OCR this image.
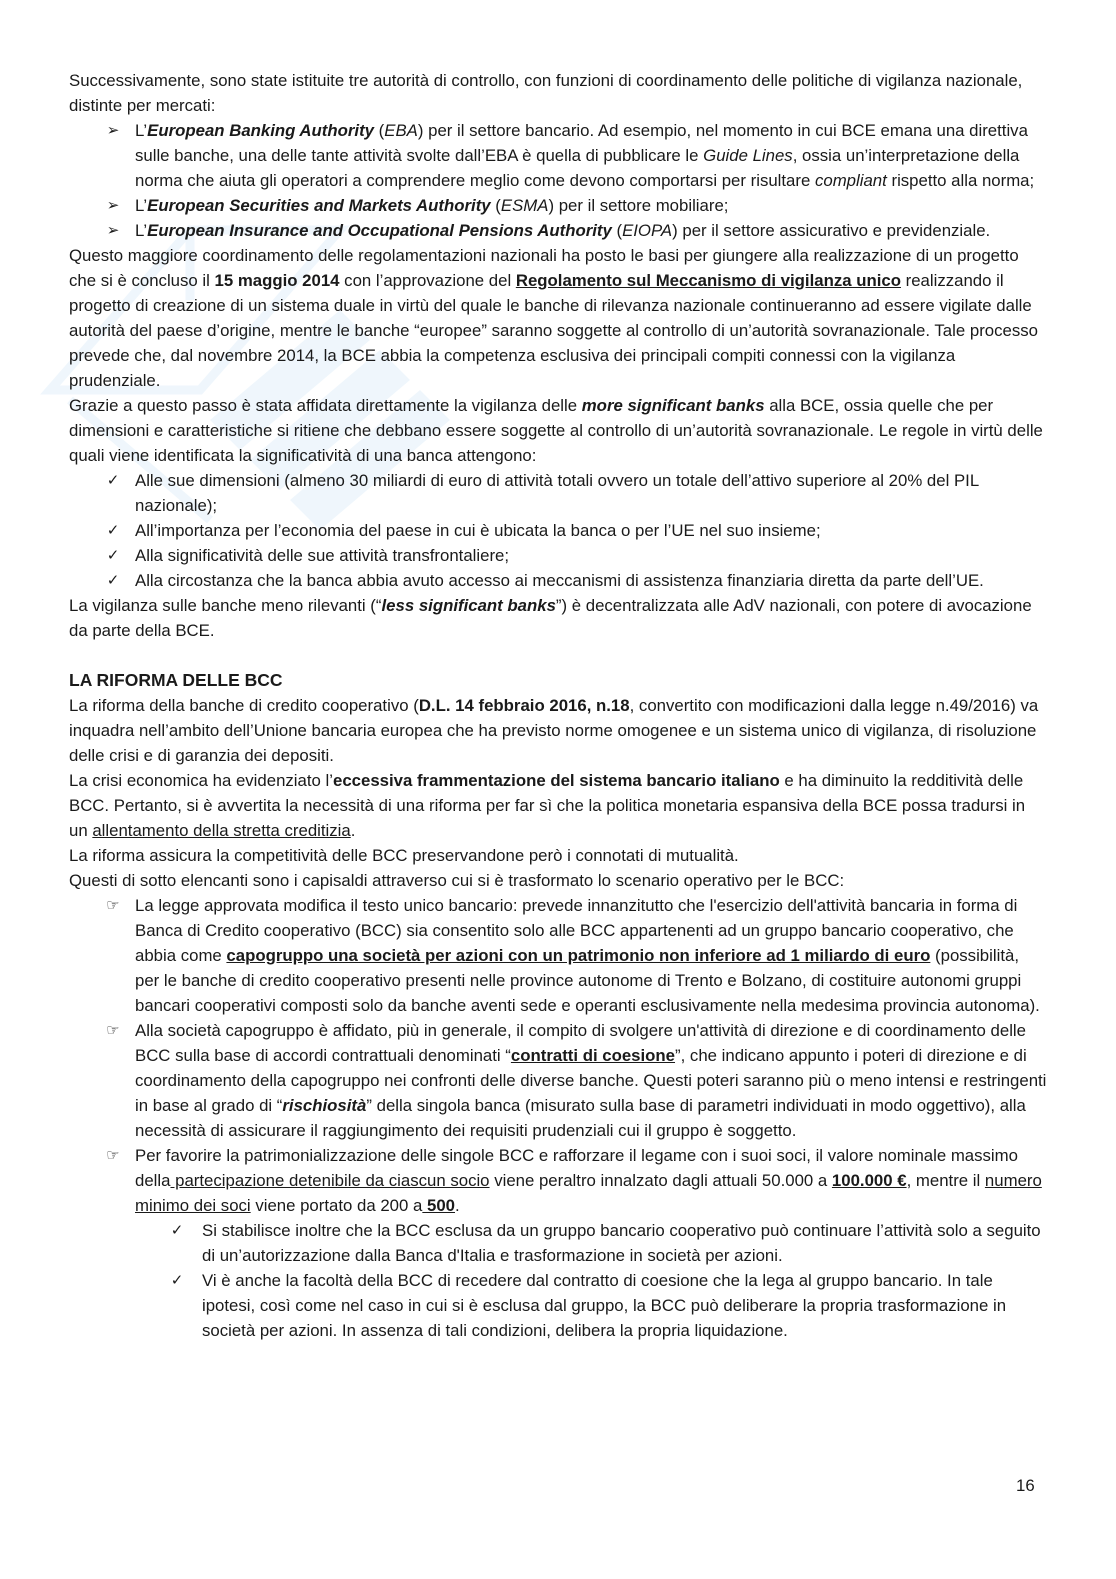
Successivamente, sono state istituite tre autorità di controllo, con funzioni di coordinamento delle politiche di vigilanza nazionale, distinte per mercati:

➢ L’European Banking Authority (EBA) per il settore bancario. Ad esempio, nel momento in cui BCE emana una direttiva sulle banche, una delle tante attività svolte dall’EBA è quella di pubblicare le Guide Lines, ossia un’interpretazione della norma che aiuta gli operatori a comprendere meglio come devono comportarsi per risultare compliant rispetto alla norma;
➢ L’European Securities and Markets Authority (ESMA) per il settore mobiliare;
➢ L’European Insurance and Occupational Pensions Authority (EIOPA) per il settore assicurativo e previdenziale.

Questo maggiore coordinamento delle regolamentazioni nazionali ha posto le basi per giungere alla realizzazione di un progetto che si è concluso il 15 maggio 2014 con l’approvazione del Regolamento sul Meccanismo di vigilanza unico realizzando il progetto di creazione di un sistema duale in virtù del quale le banche di rilevanza nazionale continueranno ad essere vigilate dalle autorità del paese d’origine, mentre le banche “europee” saranno soggette al controllo di un’autorità sovranazionale. Tale processo prevede che, dal novembre 2014, la BCE abbia la competenza esclusiva dei principali compiti connessi con la vigilanza prudenziale.

Grazie a questo passo è stata affidata direttamente la vigilanza delle more significant banks alla BCE, ossia quelle che per dimensioni e caratteristiche si ritiene che debbano essere soggette al controllo di un’autorità sovranazionale. Le regole in virtù delle quali viene identificata la significatività di una banca attengono:

✓ Alle sue dimensioni (almeno 30 miliardi di euro di attività totali ovvero un totale dell’attivo superiore al 20% del PIL nazionale);
✓ All’importanza per l’economia del paese in cui è ubicata la banca o per l’UE nel suo insieme;
✓ Alla significatività delle sue attività transfrontaliere;
✓ Alla circostanza che la banca abbia avuto accesso ai meccanismi di assistenza finanziaria diretta da parte dell’UE.

La vigilanza sulle banche meno rilevanti (“less significant banks”) è decentralizzata alle AdV nazionali, con potere di avocazione da parte della BCE.

LA RIFORMA DELLE BCC

La riforma della banche di credito cooperativo (D.L. 14 febbraio 2016, n.18, convertito con modificazioni dalla legge n.49/2016) va inquadra nell’ambito dell’Unione bancaria europea che ha previsto norme omogenee e un sistema unico di vigilanza, di risoluzione delle crisi e di garanzia dei depositi.

La crisi economica ha evidenziato l’eccessiva frammentazione del sistema bancario italiano e ha diminuito la redditività delle BCC. Pertanto, si è avvertita la necessità di una riforma per far sì che la politica monetaria espansiva della BCE possa tradursi in un allentamento della stretta creditizia.

La riforma assicura la competitività delle BCC preservandone però i connotati di mutualità.

Questi di sotto elencanti sono i capisaldi attraverso cui si è trasformato lo scenario operativo per le BCC:

☞ La legge approvata modifica il testo unico bancario: prevede innanzitutto che l'esercizio dell'attività bancaria in forma di Banca di Credito cooperativo (BCC) sia consentito solo alle BCC appartenenti ad un gruppo bancario cooperativo, che abbia come capogruppo una società per azioni con un patrimonio non inferiore ad 1 miliardo di euro (possibilità, per le banche di credito cooperativo presenti nelle province autonome di Trento e Bolzano, di costituire autonomi gruppi bancari cooperativi composti solo da banche aventi sede e operanti esclusivamente nella medesima provincia autonoma).
☞ Alla società capogruppo è affidato, più in generale, il compito di svolgere un'attività di direzione e di coordinamento delle BCC sulla base di accordi contrattuali denominati “contratti di coesione”, che indicano appunto i poteri di direzione e di coordinamento della capogruppo nei confronti delle diverse banche. Questi poteri saranno più o meno intensi e restringenti in base al grado di “rischiosità” della singola banca (misurato sulla base di parametri individuati in modo oggettivo), alla necessità di assicurare il raggiungimento dei requisiti prudenziali cui il gruppo è soggetto.
☞ Per favorire la patrimonializzazione delle singole BCC e rafforzare il legame con i suoi soci, il valore nominale massimo della partecipazione detenibile da ciascun socio viene peraltro innalzato dagli attuali 50.000 a 100.000 €, mentre il numero minimo dei soci viene portato da 200 a 500.
✓ Si stabilisce inoltre che la BCC esclusa da un gruppo bancario cooperativo può continuare l’attività solo a seguito di un’autorizzazione dalla Banca d'Italia e trasformazione in società per azioni.
✓ Vi è anche la facoltà della BCC di recedere dal contratto di coesione che la lega al gruppo bancario. In tale ipotesi, così come nel caso in cui si è esclusa dal gruppo, la BCC può deliberare la propria trasformazione in società per azioni. In assenza di tali condizioni, delibera la propria liquidazione.
16
